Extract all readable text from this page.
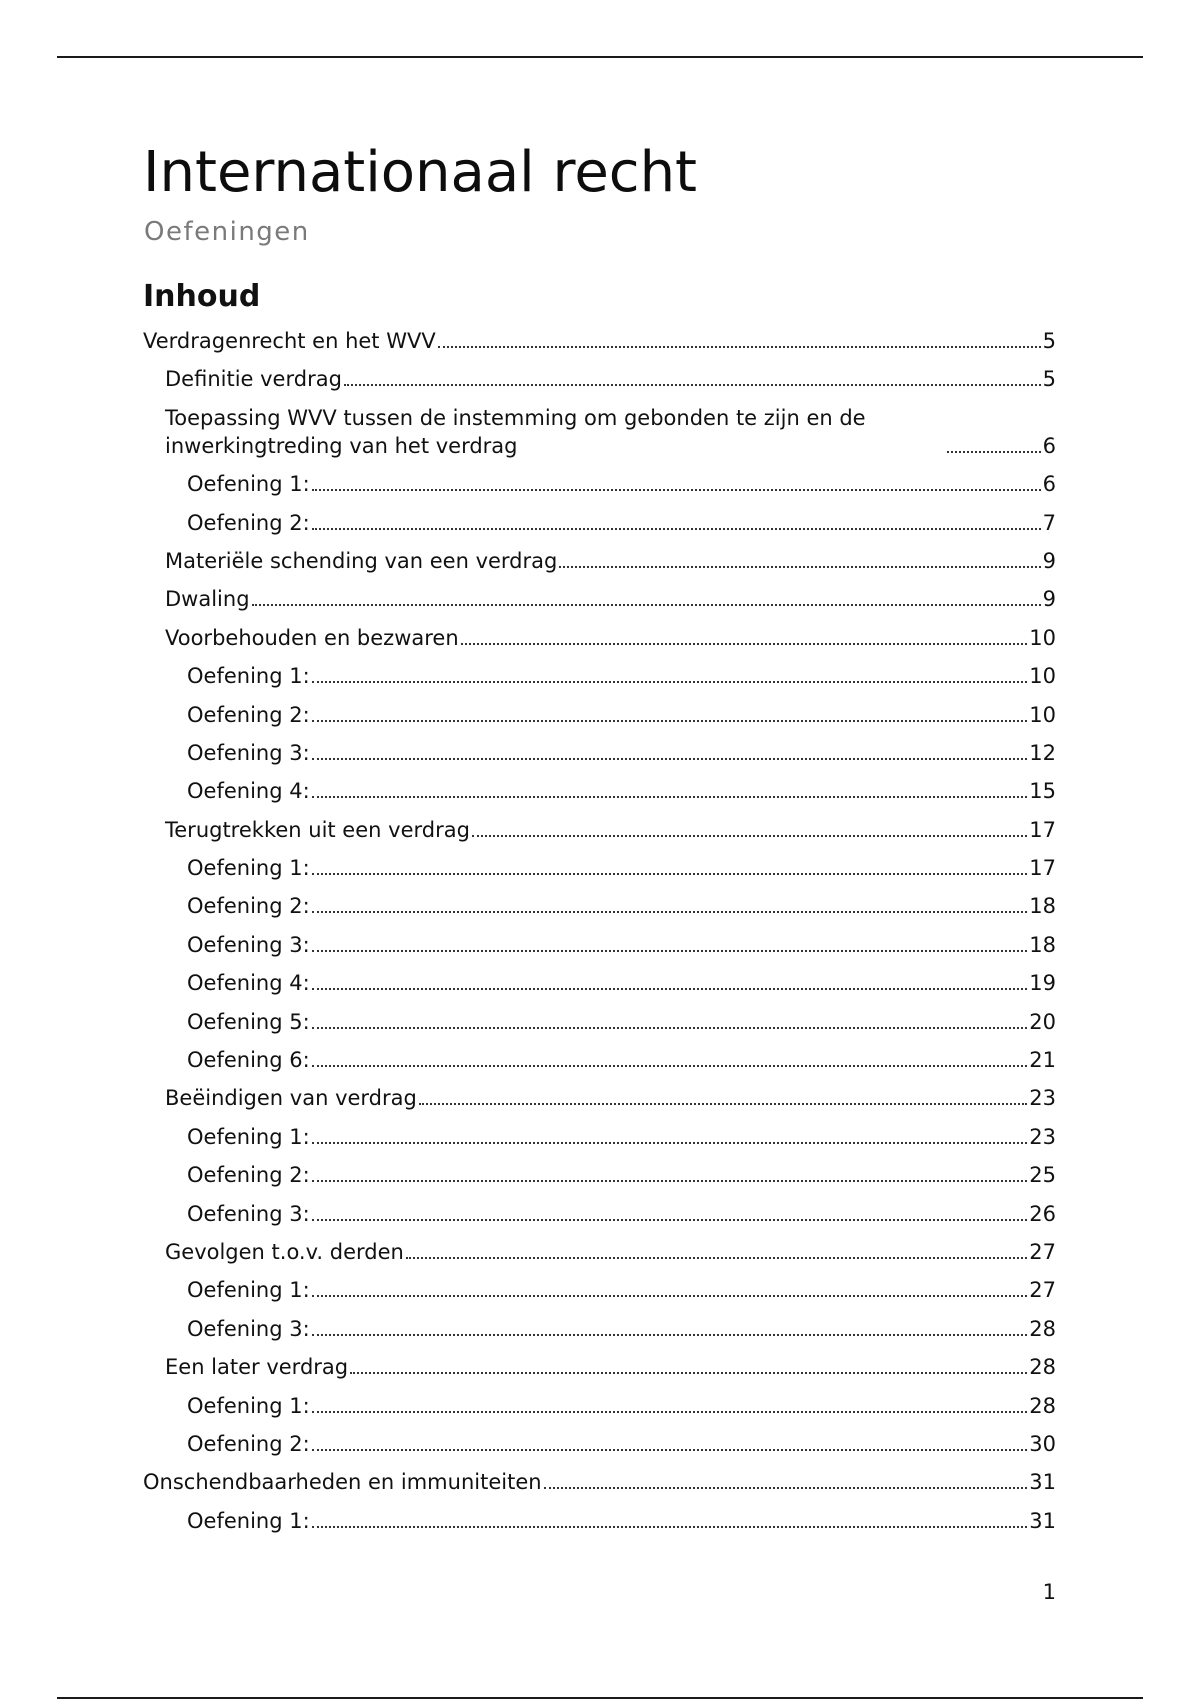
Internationaal recht

Oefeningen

Inhoud
Verdragenrecht en het WVV	5
Definitie verdrag	5
Toepassing WVV tussen de instemming om gebonden te zijn en de inwerkingtreding van het verdrag	6
Oefening 1:	6
Oefening 2:	7
Materiële schending van een verdrag	9
Dwaling	9
Voorbehouden en bezwaren	10
Oefening 1:	10
Oefening 2:	10
Oefening 3:	12
Oefening 4:	15
Terugtrekken uit een verdrag	17
Oefening 1:	17
Oefening 2:	18
Oefening 3:	18
Oefening 4:	19
Oefening 5:	20
Oefening 6:	21
Beëindigen van verdrag	23
Oefening 1:	23
Oefening 2:	25
Oefening 3:	26
Gevolgen t.o.v. derden	27
Oefening 1:	27
Oefening 3:	28
Een later verdrag	28
Oefening 1:	28
Oefening 2:	30
Onschendbaarheden en immuniteiten	31
Oefening 1:	31
1
